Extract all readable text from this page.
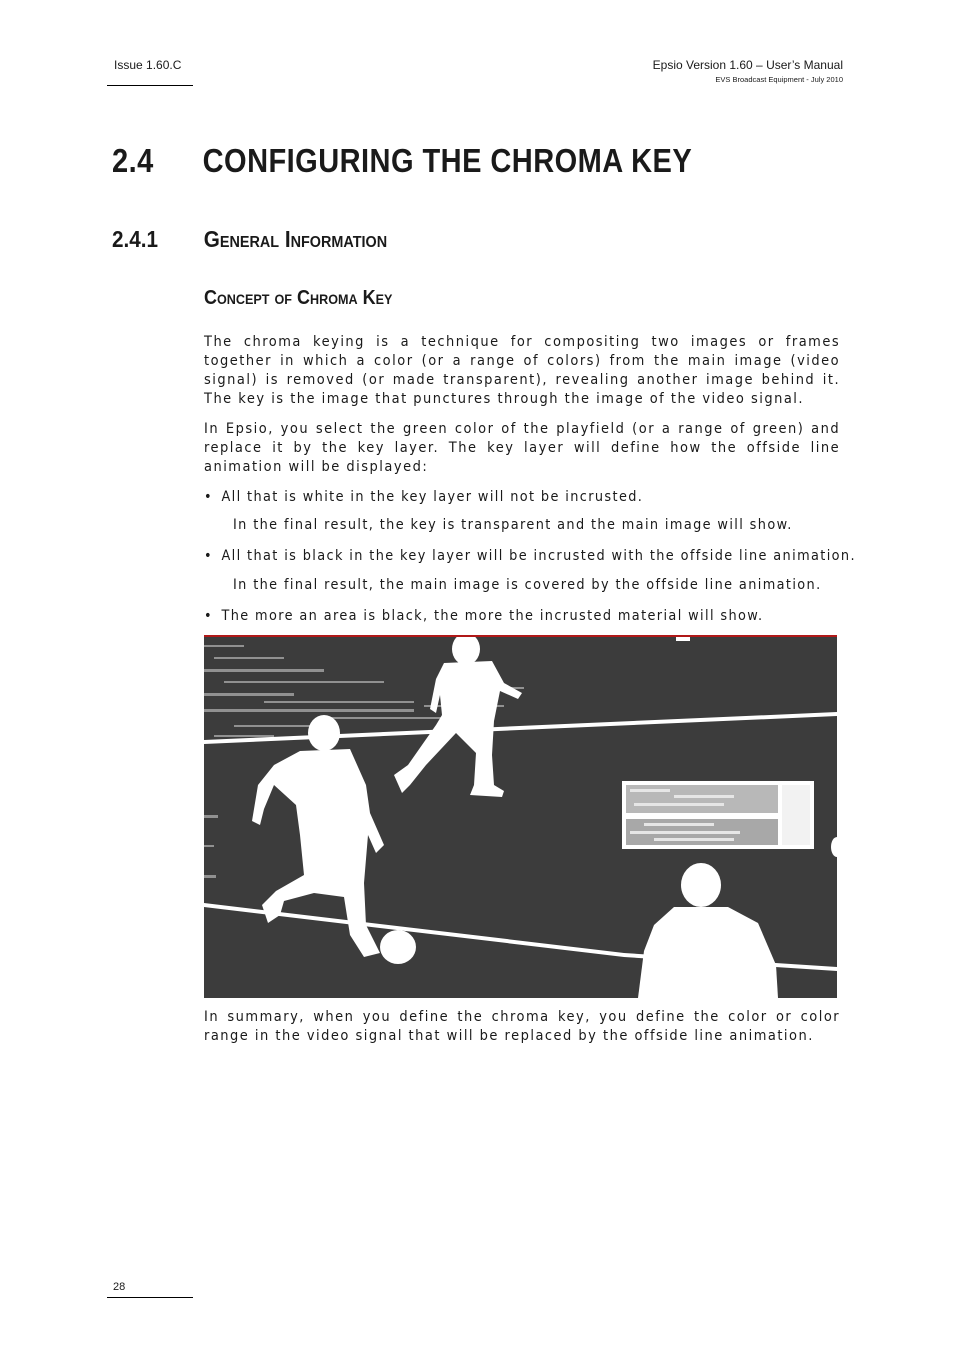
Issue 1.60.C	Epsio Version 1.60 – User’s Manual
EVS Broadcast Equipment - July 2010
2.4 CONFIGURING THE CHROMA KEY
2.4.1 General Information
Concept of Chroma Key
The chroma keying is a technique for compositing two images or frames together in which a color (or a range of colors) from the main image (video signal) is removed (or made transparent), revealing another image behind it. The key is the image that punctures through the image of the video signal.
In Epsio, you select the green color of the playfield (or a range of green) and replace it by the key layer. The key layer will define how the offside line animation will be displayed:
• All that is white in the key layer will not be incrusted.
In the final result, the key is transparent and the main image will show.
• All that is black in the key layer will be incrusted with the offside line animation.
In the final result, the main image is covered by the offside line animation.
• The more an area is black, the more the incrusted material will show.
In summary, when you define the chroma key, you define the color or color range in the video signal that will be replaced by the offside line animation.
28
